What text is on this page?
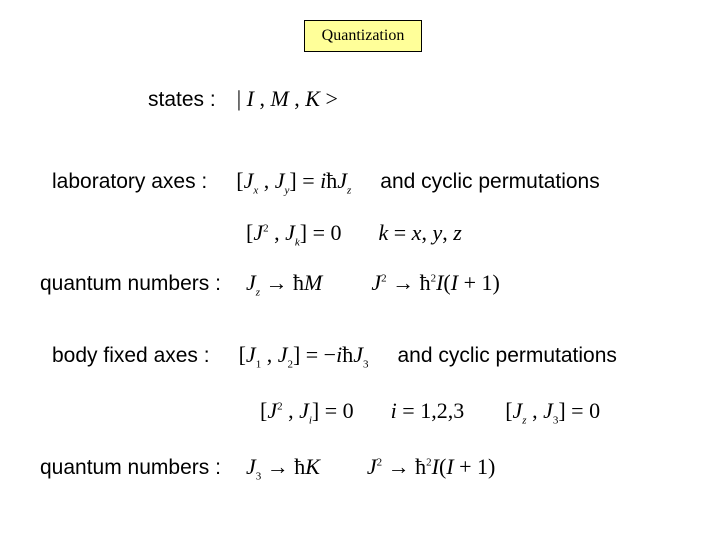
Quantization
states : | I , M , K >
laboratory axes : [$J_x$ , $J_y$] = iħJ$_z$ and cyclic permutations
[$J^2$ , $J_k] = 0$ k = x, y, z
quantum numbers : $J_z$ → ħM $J^2$ → $ħ^2I(I + 1)$
body fixed axes : [$J_1$ , $J_2$] = −iħJ$_3$ and cyclic permutations
[$J^2$ , $J_i] = 0$ i = 1,2,3 [$J_z$ , $J_3] = 0$
quantum numbers : $J_3$ → ħK $J^2$ → $ħ^2I(I + 1)$
